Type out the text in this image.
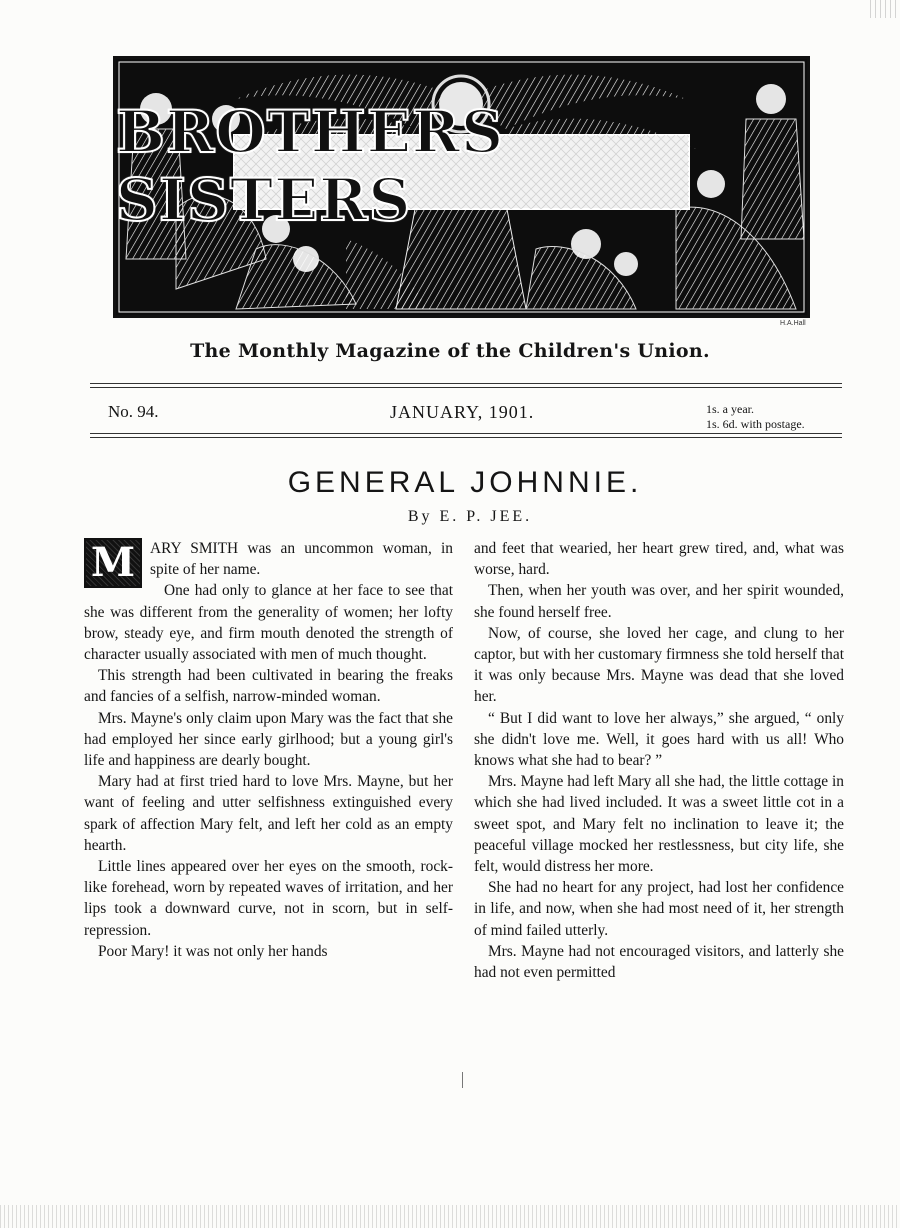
BROTHERS SISTERS
H.A.Hall
The Monthly Magazine of the Children's Union.
No. 94.	JANUARY, 1901.	1s. a year.
1s. 6d. with postage.
GENERAL JOHNNIE.
By E. P. JEE.

M ARY SMITH was an uncommon woman, in spite of her name.

One had only to glance at her face to see that she was different from the generality of women; her lofty brow, steady eye, and firm mouth denoted the strength of character usually associated with men of much thought.

This strength had been cultivated in bearing the freaks and fancies of a selfish, narrow-minded woman.

Mrs. Mayne's only claim upon Mary was the fact that she had employed her since early girlhood; but a young girl's life and happiness are dearly bought.

Mary had at first tried hard to love Mrs. Mayne, but her want of feeling and utter selfishness extinguished every spark of affection Mary felt, and left her cold as an empty hearth.

Little lines appeared over her eyes on the smooth, rock-like forehead, worn by repeated waves of irritation, and her lips took a downward curve, not in scorn, but in self-repression.

Poor Mary! it was not only her hands

and feet that wearied, her heart grew tired, and, what was worse, hard.

Then, when her youth was over, and her spirit wounded, she found herself free.

Now, of course, she loved her cage, and clung to her captor, but with her customary firmness she told herself that it was only because Mrs. Mayne was dead that she loved her.

“ But I did want to love her always,” she argued, “ only she didn't love me. Well, it goes hard with us all! Who knows what she had to bear? ”

Mrs. Mayne had left Mary all she had, the little cottage in which she had lived included. It was a sweet little cot in a sweet spot, and Mary felt no inclination to leave it; the peaceful village mocked her restlessness, but city life, she felt, would distress her more.

She had no heart for any project, had lost her confidence in life, and now, when she had most need of it, her strength of mind failed utterly.

Mrs. Mayne had not encouraged visitors, and latterly she had not even permitted
